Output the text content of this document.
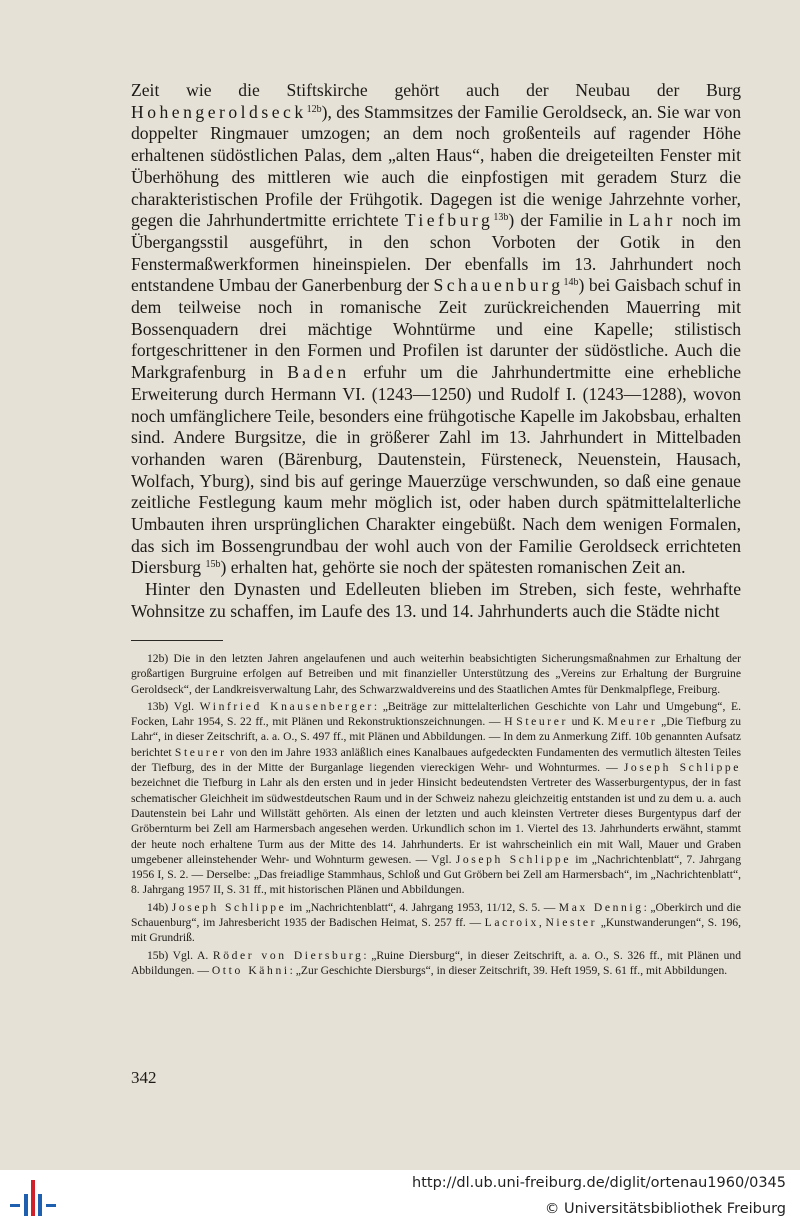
Zeit wie die Stiftskirche gehört auch der Neubau der Burg Hohengeroldseck$^{12b}$), des Stammsitzes der Familie Geroldseck, an. Sie war von doppelter Ringmauer umzogen; an dem noch großenteils auf ragender Höhe erhaltenen südöstlichen Palas, dem „alten Haus“, haben die dreigeteilten Fenster mit Überhöhung des mittleren wie auch die einpfostigen mit geradem Sturz die charakteristischen Profile der Frühgotik. Dagegen ist die wenige Jahrzehnte vorher, gegen die Jahrhundertmitte errichtete Tiefburg$^{13b}$) der Familie in Lahr noch im Übergangsstil ausgeführt, in den schon Vorboten der Gotik in den Fenstermaßwerkformen hineinspielen. Der ebenfalls im 13. Jahrhundert noch entstandene Umbau der Ganerbenburg der Schauenburg$^{14b}$) bei Gaisbach schuf in dem teilweise noch in romanische Zeit zurückreichenden Mauerring mit Bossenquadern drei mächtige Wohntürme und eine Kapelle; stilistisch fortgeschrittener in den Formen und Profilen ist darunter der südöstliche. Auch die Markgrafenburg in Baden erfuhr um die Jahrhundertmitte eine erhebliche Erweiterung durch Hermann VI. (1243—1250) und Rudolf I. (1243—1288), wovon noch umfänglichere Teile, besonders eine frühgotische Kapelle im Jakobsbau, erhalten sind. Andere Burgsitze, die in größerer Zahl im 13. Jahrhundert in Mittelbaden vorhanden waren (Bärenburg, Dautenstein, Fürsteneck, Neuenstein, Hausach, Wolfach, Yburg), sind bis auf geringe Mauerzüge verschwunden, so daß eine genaue zeitliche Festlegung kaum mehr möglich ist, oder haben durch spätmittelalterliche Umbauten ihren ursprünglichen Charakter eingebüßt. Nach dem wenigen Formalen, das sich im Bossengrundbau der wohl auch von der Familie Geroldseck errichteten Diersburg $^{15b}$) erhalten hat, gehörte sie noch der spätesten romanischen Zeit an.

Hinter den Dynasten und Edelleuten blieben im Streben, sich feste, wehrhafte Wohnsitze zu schaffen, im Laufe des 13. und 14. Jahrhunderts auch die Städte nicht

12b) Die in den letzten Jahren angelaufenen und auch weiterhin beabsichtigten Sicherungsmaßnahmen zur Erhaltung der großartigen Burgruine erfolgen auf Betreiben und mit finanzieller Unterstützung des „Vereins zur Erhaltung der Burgruine Geroldseck“, der Landkreisverwaltung Lahr, des Schwarzwaldvereins und des Staatlichen Amtes für Denkmalpflege, Freiburg.

13b) Vgl. Winfried Knausenberger: „Beiträge zur mittelalterlichen Geschichte von Lahr und Umgebung“, E. Focken, Lahr 1954, S. 22 ff., mit Plänen und Rekonstruktionszeichnungen. — H Steurer und K. Meurer „Die Tiefburg zu Lahr“, in dieser Zeitschrift, a. a. O., S. 497 ff., mit Plänen und Abbildungen. — In dem zu Anmerkung Ziff. 10b genannten Aufsatz berichtet Steurer von den im Jahre 1933 anläßlich eines Kanalbaues aufgedeckten Fundamenten des vermutlich ältesten Teiles der Tiefburg, des in der Mitte der Burganlage liegenden viereckigen Wehr- und Wohnturmes. — Joseph Schlippe bezeichnet die Tiefburg in Lahr als den ersten und in jeder Hinsicht bedeutendsten Vertreter des Wasserburgentypus, der in fast schematischer Gleichheit im südwestdeutschen Raum und in der Schweiz nahezu gleichzeitig entstanden ist und zu dem u. a. auch Dautenstein bei Lahr und Willstätt gehörten. Als einen der letzten und auch kleinsten Vertreter dieses Burgentypus darf der Gröbernturm bei Zell am Harmersbach angesehen werden. Urkundlich schon im 1. Viertel des 13. Jahrhunderts erwähnt, stammt der heute noch erhaltene Turm aus der Mitte des 14. Jahrhunderts. Er ist wahrscheinlich ein mit Wall, Mauer und Graben umgebener alleinstehender Wehr- und Wohnturm gewesen. — Vgl. Joseph Schlippe im „Nachrichtenblatt“, 7. Jahrgang 1956 I, S. 2. — Derselbe: „Das freiadlige Stammhaus, Schloß und Gut Gröbern bei Zell am Harmersbach“, im „Nachrichtenblatt“, 8. Jahrgang 1957 II, S. 31 ff., mit historischen Plänen und Abbildungen.

14b) Joseph Schlippe im „Nachrichtenblatt“, 4. Jahrgang 1953, 11/12, S. 5. — Max Dennig: „Oberkirch und die Schauenburg“, im Jahresbericht 1935 der Badischen Heimat, S. 257 ff. — Lacroix, Niester „Kunstwanderungen“, S. 196, mit Grundriß.

15b) Vgl. A. Röder von Diersburg: „Ruine Diersburg“, in dieser Zeitschrift, a. a. O., S. 326 ff., mit Plänen und Abbildungen. — Otto Kähni: „Zur Geschichte Diersburgs“, in dieser Zeitschrift, 39. Heft 1959, S. 61 ff., mit Abbildungen.

342
http://dl.ub.uni-freiburg.de/diglit/ortenau1960/0345
© Universitätsbibliothek Freiburg
